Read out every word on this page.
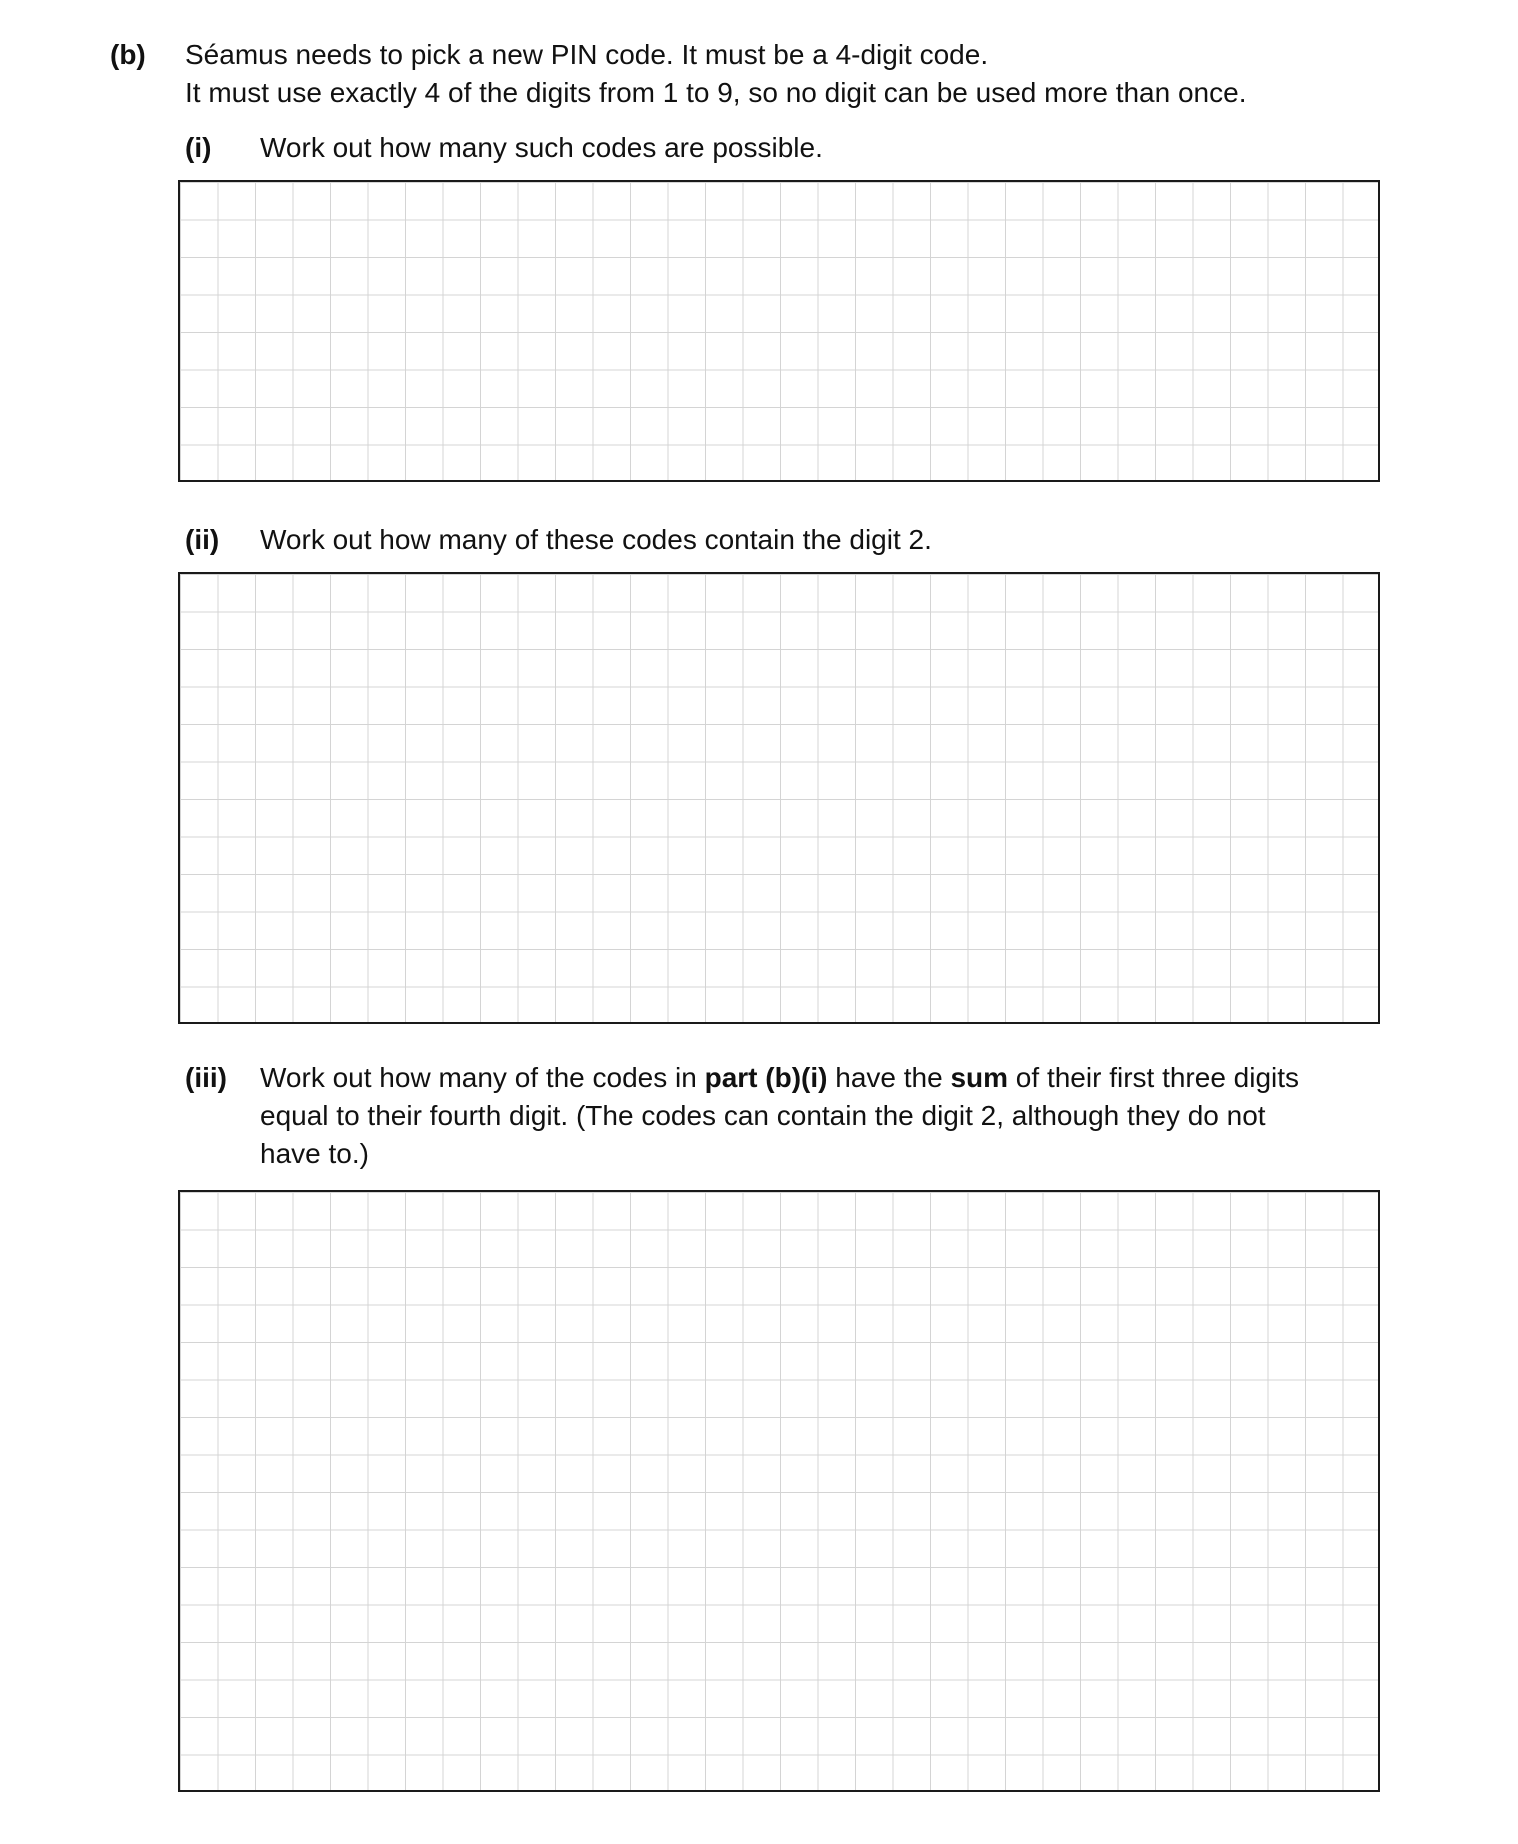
(b) Séamus needs to pick a new PIN code. It must be a 4-digit code.
It must use exactly 4 of the digits from 1 to 9, so no digit can be used more than once.
(i) Work out how many such codes are possible.
(ii) Work out how many of these codes contain the digit 2.
(iii) Work out how many of the codes in part (b)(i) have the sum of their first three digits
equal to their fourth digit. (The codes can contain the digit 2, although they do not
have to.)
